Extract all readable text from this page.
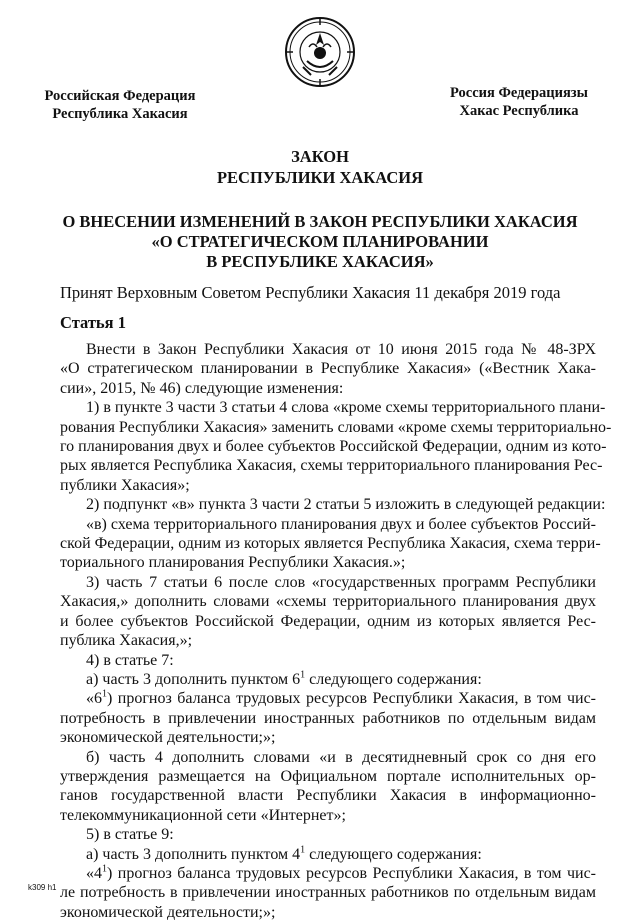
Российская Федерация
Республика Хакасия
Россия Федерациязы
Хакас Республика
ЗАКОН
РЕСПУБЛИКИ ХАКАСИЯ
О ВНЕСЕНИИ ИЗМЕНЕНИЙ В ЗАКОН РЕСПУБЛИКИ ХАКАСИЯ
«О СТРАТЕГИЧЕСКОМ ПЛАНИРОВАНИИ
В РЕСПУБЛИКЕ ХАКАСИЯ»
Принят Верховным Советом Республики Хакасия 11 декабря 2019 года
Статья 1
Внести в Закон Республики Хакасия от 10 июня 2015 года № 48-ЗРХ
«О стратегическом планировании в Республике Хакасия» («Вестник Хака-
сии», 2015, № 46) следующие изменения:
1) в пункте 3 части 3 статьи 4 слова «кроме схемы территориального плани-
рования Республики Хакасия» заменить словами «кроме схемы территориально-
го планирования двух и более субъектов Российской Федерации, одним из кото-
рых является Республика Хакасия, схемы территориального планирования Рес-
публики Хакасия»;
2) подпункт «в» пункта 3 части 2 статьи 5 изложить в следующей редакции:
«в) схема территориального планирования двух и более субъектов Россий-
ской Федерации, одним из которых является Республика Хакасия, схема терри-
ториального планирования Республики Хакасия.»;
3) часть 7 статьи 6 после слов «государственных программ Республики
Хакасия,» дополнить словами «схемы территориального планирования двух
и более субъектов Российской Федерации, одним из которых является Рес-
публика Хакасия,»;
4) в статье 7:
а) часть 3 дополнить пунктом $6^1$ следующего содержания:
«$6^1$) прогноз баланса трудовых ресурсов Республики Хакасия, в том чис-
потребность в привлечении иностранных работников по отдельным видам
экономической деятельности;»;
б) часть 4 дополнить словами «и в десятидневный срок со дня его
утверждения размещается на Официальном портале исполнительных ор-
ганов государственной власти Республики Хакасия в информационно-
телекоммуникационной сети «Интернет»;
5) в статье 9:
а) часть 3 дополнить пунктом $4^1$ следующего содержания:
«$4^1$) прогноз баланса трудовых ресурсов Республики Хакасия, в том чис-
ле потребность в привлечении иностранных работников по отдельным видам
экономической деятельности;»;
k309 h1
